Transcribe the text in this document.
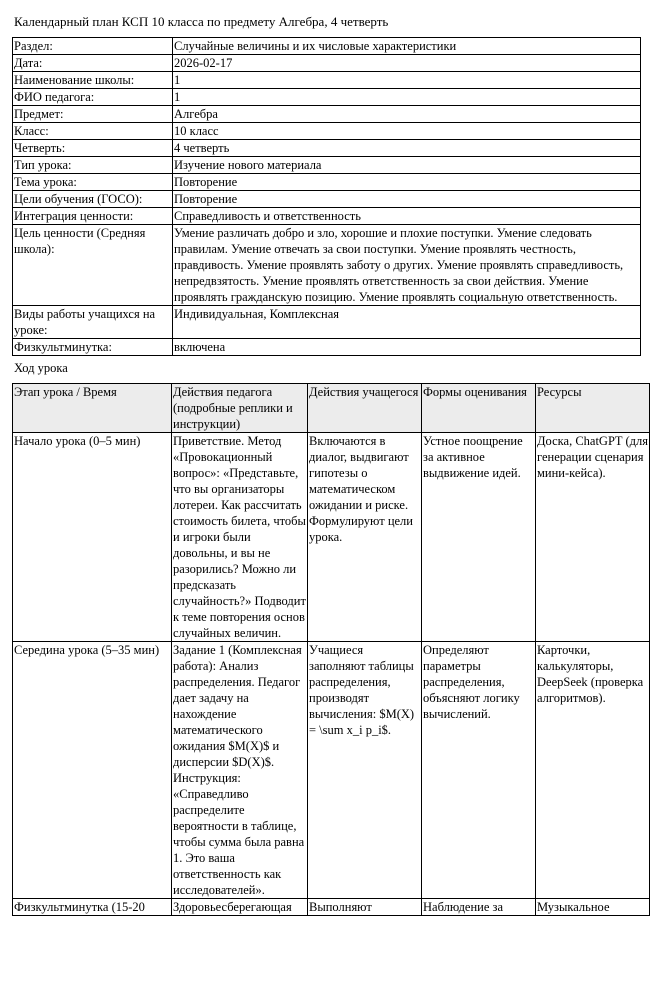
Календарный план КСП 10 класса по предмету Алгебра, 4 четверть
Раздел:	Случайные величины и их числовые характеристики
Дата:	2026-02-17
Наименование школы:	1
ФИО педагога:	1
Предмет:	Алгебра
Класс:	10 класс
Четверть:	4 четверть
Тип урока:	Изучение нового материала
Тема урока:	Повторение
Цели обучения (ГОСО):	Повторение
Интеграция ценности:	Справедливость и ответственность
Цель ценности (Средняя школа):	Умение различать добро и зло, хорошие и плохие поступки. Умение следовать правилам. Умение отвечать за свои поступки. Умение проявлять честность, правдивость. Умение проявлять заботу о других. Умение проявлять справедливость, непредвзятость. Умение проявлять ответственность за свои действия. Умение проявлять гражданскую позицию. Умение проявлять социальную ответственность.
Виды работы учащихся на уроке:	Индивидуальная, Комплексная
Физкультминутка:	включена
Ход урока
Этап урока / Время	Действия педагога (подробные реплики и инструкции)	Действия учащегося	Формы оценивания	Ресурсы
Начало урока (0–5 мин)	Приветствие. Метод «Провокационный вопрос»: «Представьте, что вы организаторы лотереи. Как рассчитать стоимость билета, чтобы и игроки были довольны, и вы не разорились? Можно ли предсказать случайность?» Подводит к теме повторения основ случайных величин.	Включаются в диалог, выдвигают гипотезы о математическом ожидании и риске. Формулируют цели урока.	Устное поощрение за активное выдвижение идей.	Доска, ChatGPT (для генерации сценария мини-кейса).
Середина урока (5–35 мин)	Задание 1 (Комплексная работа): Анализ распределения. Педагог дает задачу на нахождение математического ожидания $M(X)$ и дисперсии $D(X)$. Инструкция: «Справедливо распределите вероятности в таблице, чтобы сумма была равна 1. Это ваша ответственность как исследователей».	Учащиеся заполняют таблицы распределения, производят вычисления: $M(X) = \sum x_i p_i$.	Определяют параметры распределения, объясняют логику вычислений.	Карточки, калькуляторы, DeepSeek (проверка алгоритмов).
Физкультминутка (15-20	Здоровьесберегающая	Выполняют	Наблюдение за	Музыкальное
